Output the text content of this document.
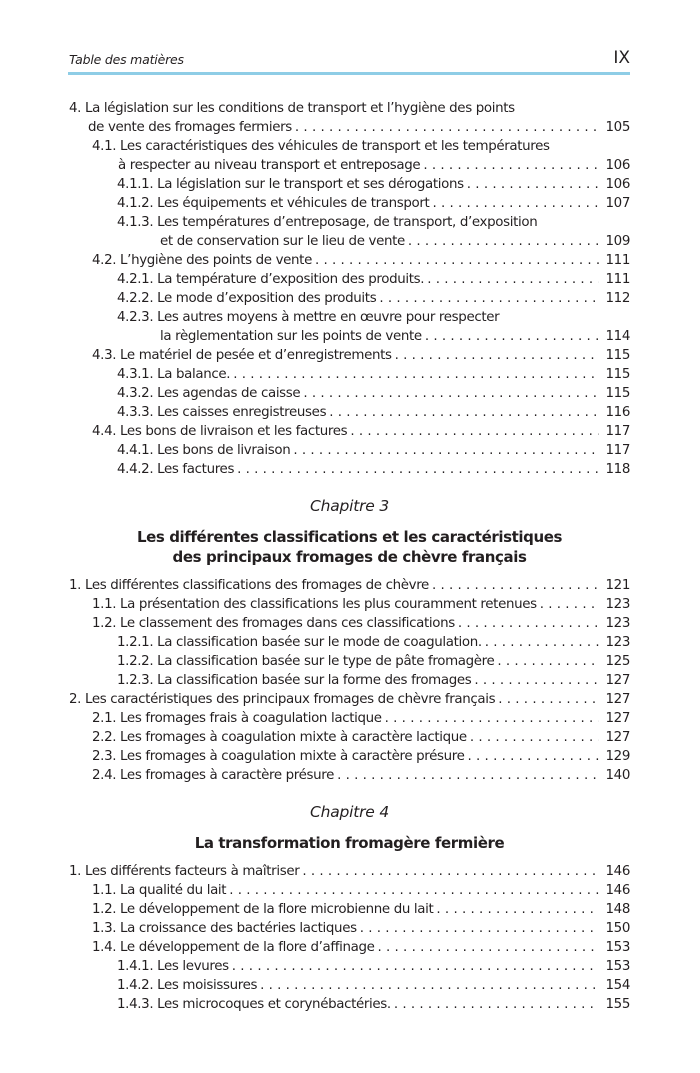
Table des matières	IX
4. La législation sur les conditions de transport et l’hygiène des points
de vente des fromages fermiers . . .	105
4.1. Les caractéristiques des véhicules de transport et les températures
à respecter au niveau transport et entreposage . . .	106
4.1.1. La législation sur le transport et ses dérogations . . .	106
4.1.2. Les équipements et véhicules de transport . . .	107
4.1.3. Les températures d’entreposage, de transport, d’exposition
et de conservation sur le lieu de vente . . .	109
4.2. L’hygiène des points de vente . . .	111
4.2.1. La température d’exposition des produits. . . .	111
4.2.2. Le mode d’exposition des produits . . .	112
4.2.3. Les autres moyens à mettre en œuvre pour respecter
la règlementation sur les points de vente . . .	114
4.3. Le matériel de pesée et d’enregistrements . . .	115
4.3.1. La balance. . . .	115
4.3.2. Les agendas de caisse . . .	115
4.3.3. Les caisses enregistreuses . . .	116
4.4. Les bons de livraison et les factures . . .	117
4.4.1. Les bons de livraison . . .	117
4.4.2. Les factures . . .	118
Chapitre 3
Les différentes classifications et les caractéristiques
des principaux fromages de chèvre français
1. Les différentes classifications des fromages de chèvre . . .	121
1.1. La présentation des classifications les plus couramment retenues . . .	123
1.2. Le classement des fromages dans ces classifications . . .	123
1.2.1. La classification basée sur le mode de coagulation. . . .	123
1.2.2. La classification basée sur le type de pâte fromagère . . .	125
1.2.3. La classification basée sur la forme des fromages . . .	127
2. Les caractéristiques des principaux fromages de chèvre français . . .	127
2.1. Les fromages frais à coagulation lactique . . .	127
2.2. Les fromages à coagulation mixte à caractère lactique . . .	127
2.3. Les fromages à coagulation mixte à caractère présure . . .	129
2.4. Les fromages à caractère présure . . .	140
Chapitre 4
La transformation fromagère fermière
1. Les différents facteurs à maîtriser . . .	146
1.1. La qualité du lait . . .	146
1.2. Le développement de la flore microbienne du lait . . .	148
1.3. La croissance des bactéries lactiques . . .	150
1.4. Le développement de la flore d’affinage . . .	153
1.4.1. Les levures . . .	153
1.4.2. Les moisissures . . .	154
1.4.3. Les microcoques et corynébactéries. . . .	155
